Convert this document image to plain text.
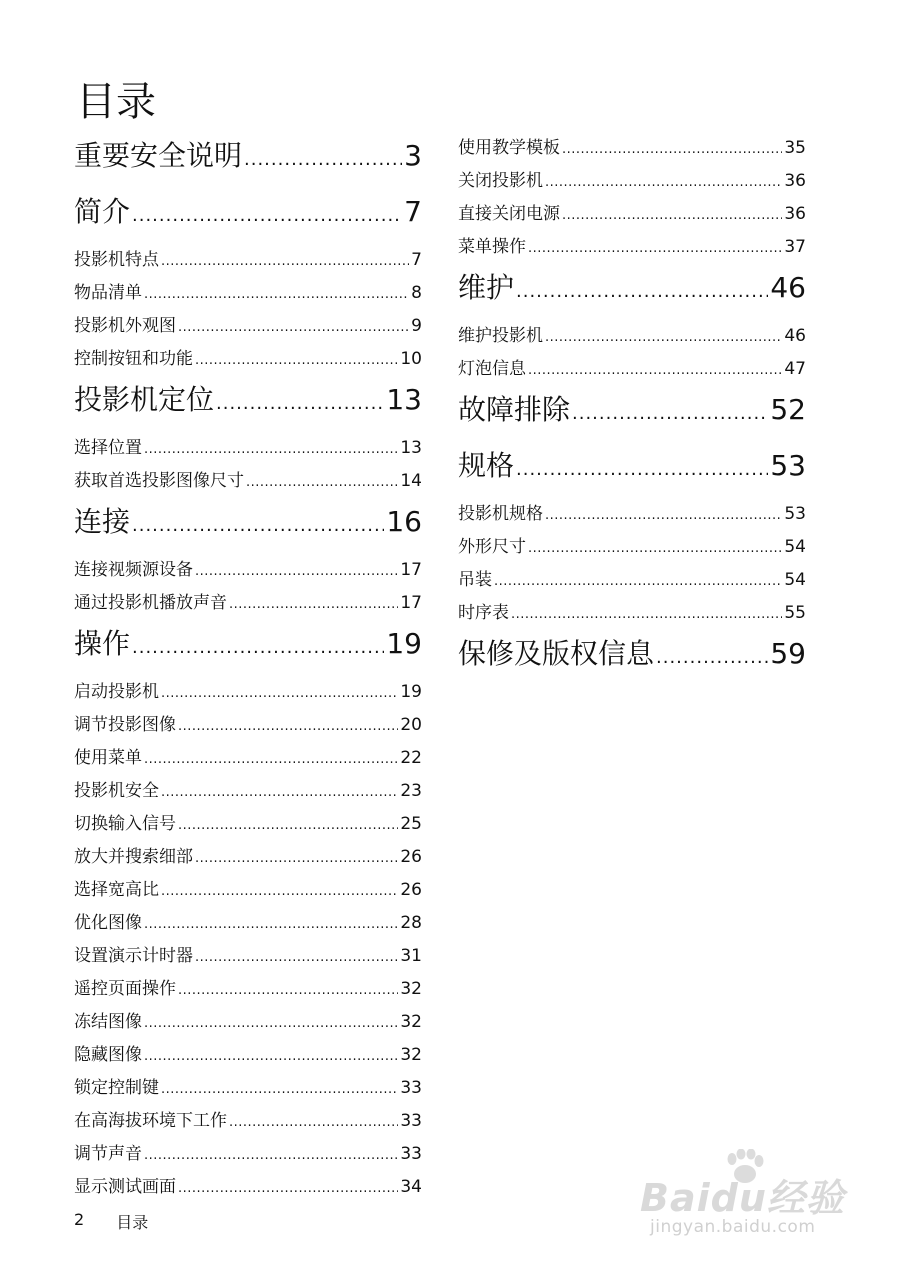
目录
重要安全说明 .....	3
简介 .....	7
投影机特点 .....	7
物品清单 .....	8
投影机外观图 .....	9
控制按钮和功能 .....	10
投影机定位 .....	13
选择位置 .....	13
获取首选投影图像尺寸 .....	14
连接 .....	16
连接视频源设备 .....	17
通过投影机播放声音 .....	17
操作 .....	19
启动投影机 .....	19
调节投影图像 .....	20
使用菜单 .....	22
投影机安全 .....	23
切换输入信号 .....	25
放大并搜索细部 .....	26
选择宽高比 .....	26
优化图像 .....	28
设置演示计时器 .....	31
遥控页面操作 .....	32
冻结图像 .....	32
隐藏图像 .....	32
锁定控制键 .....	33
在高海拔环境下工作 .....	33
调节声音 .....	33
显示测试画面 .....	34
使用教学模板 .....	35
关闭投影机 .....	36
直接关闭电源 .....	36
菜单操作 .....	37
维护 .....	46
维护投影机 .....	46
灯泡信息 .....	47
故障排除 .....	52
规格 .....	53
投影机规格 .....	53
外形尺寸 .....	54
吊装 .....	54
时序表 .....	55
保修及版权信息 .....	59
2 目录
Baidu经验
jingyan.baidu.com
